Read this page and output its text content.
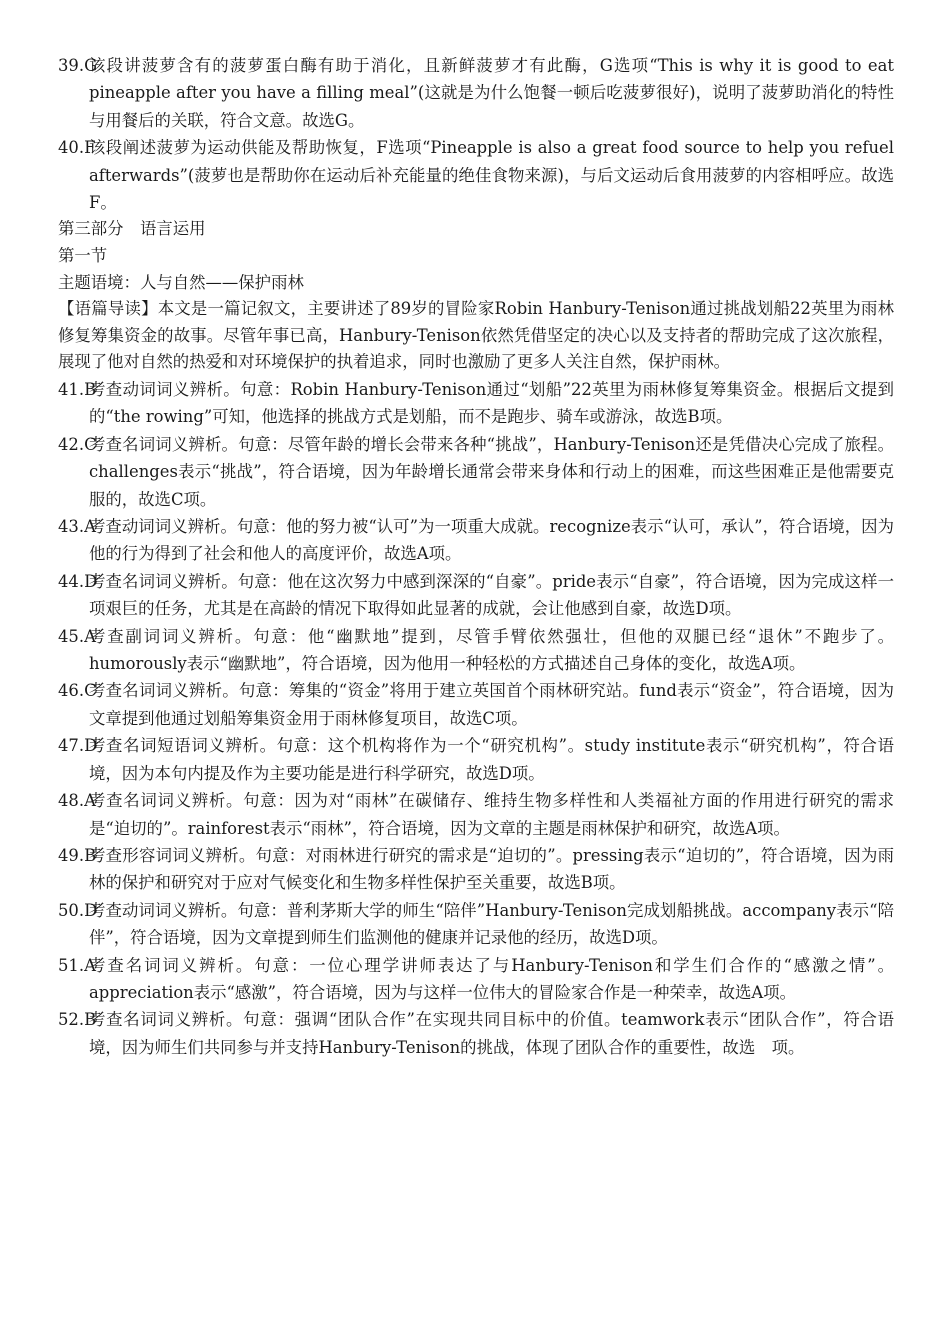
39.G
该段讲菠萝含有的菠萝蛋白酶有助于消化，且新鲜菠萝才有此酶，G选项“This is why it is good to eat pineapple after you have a filling meal”(这就是为什么饱餐一顿后吃菠萝很好)，说明了菠萝助消化的特性与用餐后的关联，符合文意。故选G。
40.F
该段阐述菠萝为运动供能及帮助恢复，F选项“Pineapple is also a great food source to help you refuel afterwards”(菠萝也是帮助你在运动后补充能量的绝佳食物来源)，与后文运动后食用菠萝的内容相呼应。故选F。

第三部分　语言运用

第一节

主题语境：人与自然——保护雨林

【语篇导读】本文是一篇记叙文，主要讲述了89岁的冒险家Robin Hanbury-Tenison通过挑战划船22英里为雨林修复筹集资金的故事。尽管年事已高，Hanbury-Tenison依然凭借坚定的决心以及支持者的帮助完成了这次旅程，展现了他对自然的热爱和对环境保护的执着追求，同时也激励了更多人关注自然，保护雨林。

41.B
考查动词词义辨析。句意：Robin Hanbury-Tenison通过“划船”22英里为雨林修复筹集资金。根据后文提到的“the rowing”可知，他选择的挑战方式是划船，而不是跑步、骑车或游泳，故选B项。
42.C
考查名词词义辨析。句意：尽管年龄的增长会带来各种“挑战”，Hanbury-Tenison还是凭借决心完成了旅程。challenges表示“挑战”，符合语境，因为年龄增长通常会带来身体和行动上的困难，而这些困难正是他需要克服的，故选C项。
43.A
考查动词词义辨析。句意：他的努力被“认可”为一项重大成就。recognize表示“认可，承认”，符合语境，因为他的行为得到了社会和他人的高度评价，故选A项。
44.D
考查名词词义辨析。句意：他在这次努力中感到深深的“自豪”。pride表示“自豪”，符合语境，因为完成这样一项艰巨的任务，尤其是在高龄的情况下取得如此显著的成就，会让他感到自豪，故选D项。
45.A
考查副词词义辨析。句意：他“幽默地”提到，尽管手臂依然强壮，但他的双腿已经“退休”不跑步了。humorously表示“幽默地”，符合语境，因为他用一种轻松的方式描述自己身体的变化，故选A项。
46.C
考查名词词义辨析。句意：筹集的“资金”将用于建立英国首个雨林研究站。fund表示“资金”，符合语境，因为文章提到他通过划船筹集资金用于雨林修复项目，故选C项。
47.D
考查名词短语词义辨析。句意：这个机构将作为一个“研究机构”。study institute表示“研究机构”，符合语境，因为本句内提及作为主要功能是进行科学研究，故选D项。
48.A
考查名词词义辨析。句意：因为对“雨林”在碳储存、维持生物多样性和人类福祉方面的作用进行研究的需求是“迫切的”。rainforest表示“雨林”，符合语境，因为文章的主题是雨林保护和研究，故选A项。
49.B
考查形容词词义辨析。句意：对雨林进行研究的需求是“迫切的”。pressing表示“迫切的”，符合语境，因为雨林的保护和研究对于应对气候变化和生物多样性保护至关重要，故选B项。
50.D
考查动词词义辨析。句意：普利茅斯大学的师生“陪伴”Hanbury-Tenison完成划船挑战。accompany表示“陪伴”，符合语境，因为文章提到师生们监测他的健康并记录他的经历，故选D项。
51.A
考查名词词义辨析。句意：一位心理学讲师表达了与Hanbury-Tenison和学生们合作的“感激之情”。appreciation表示“感激”，符合语境，因为与这样一位伟大的冒险家合作是一种荣幸，故选A项。
52.B
考查名词词义辨析。句意：强调“团队合作”在实现共同目标中的价值。teamwork表示“团队合作”，符合语境，因为师生们共同参与并支持Hanbury-Tenison的挑战，体现了团队合作的重要性，故选　项。
